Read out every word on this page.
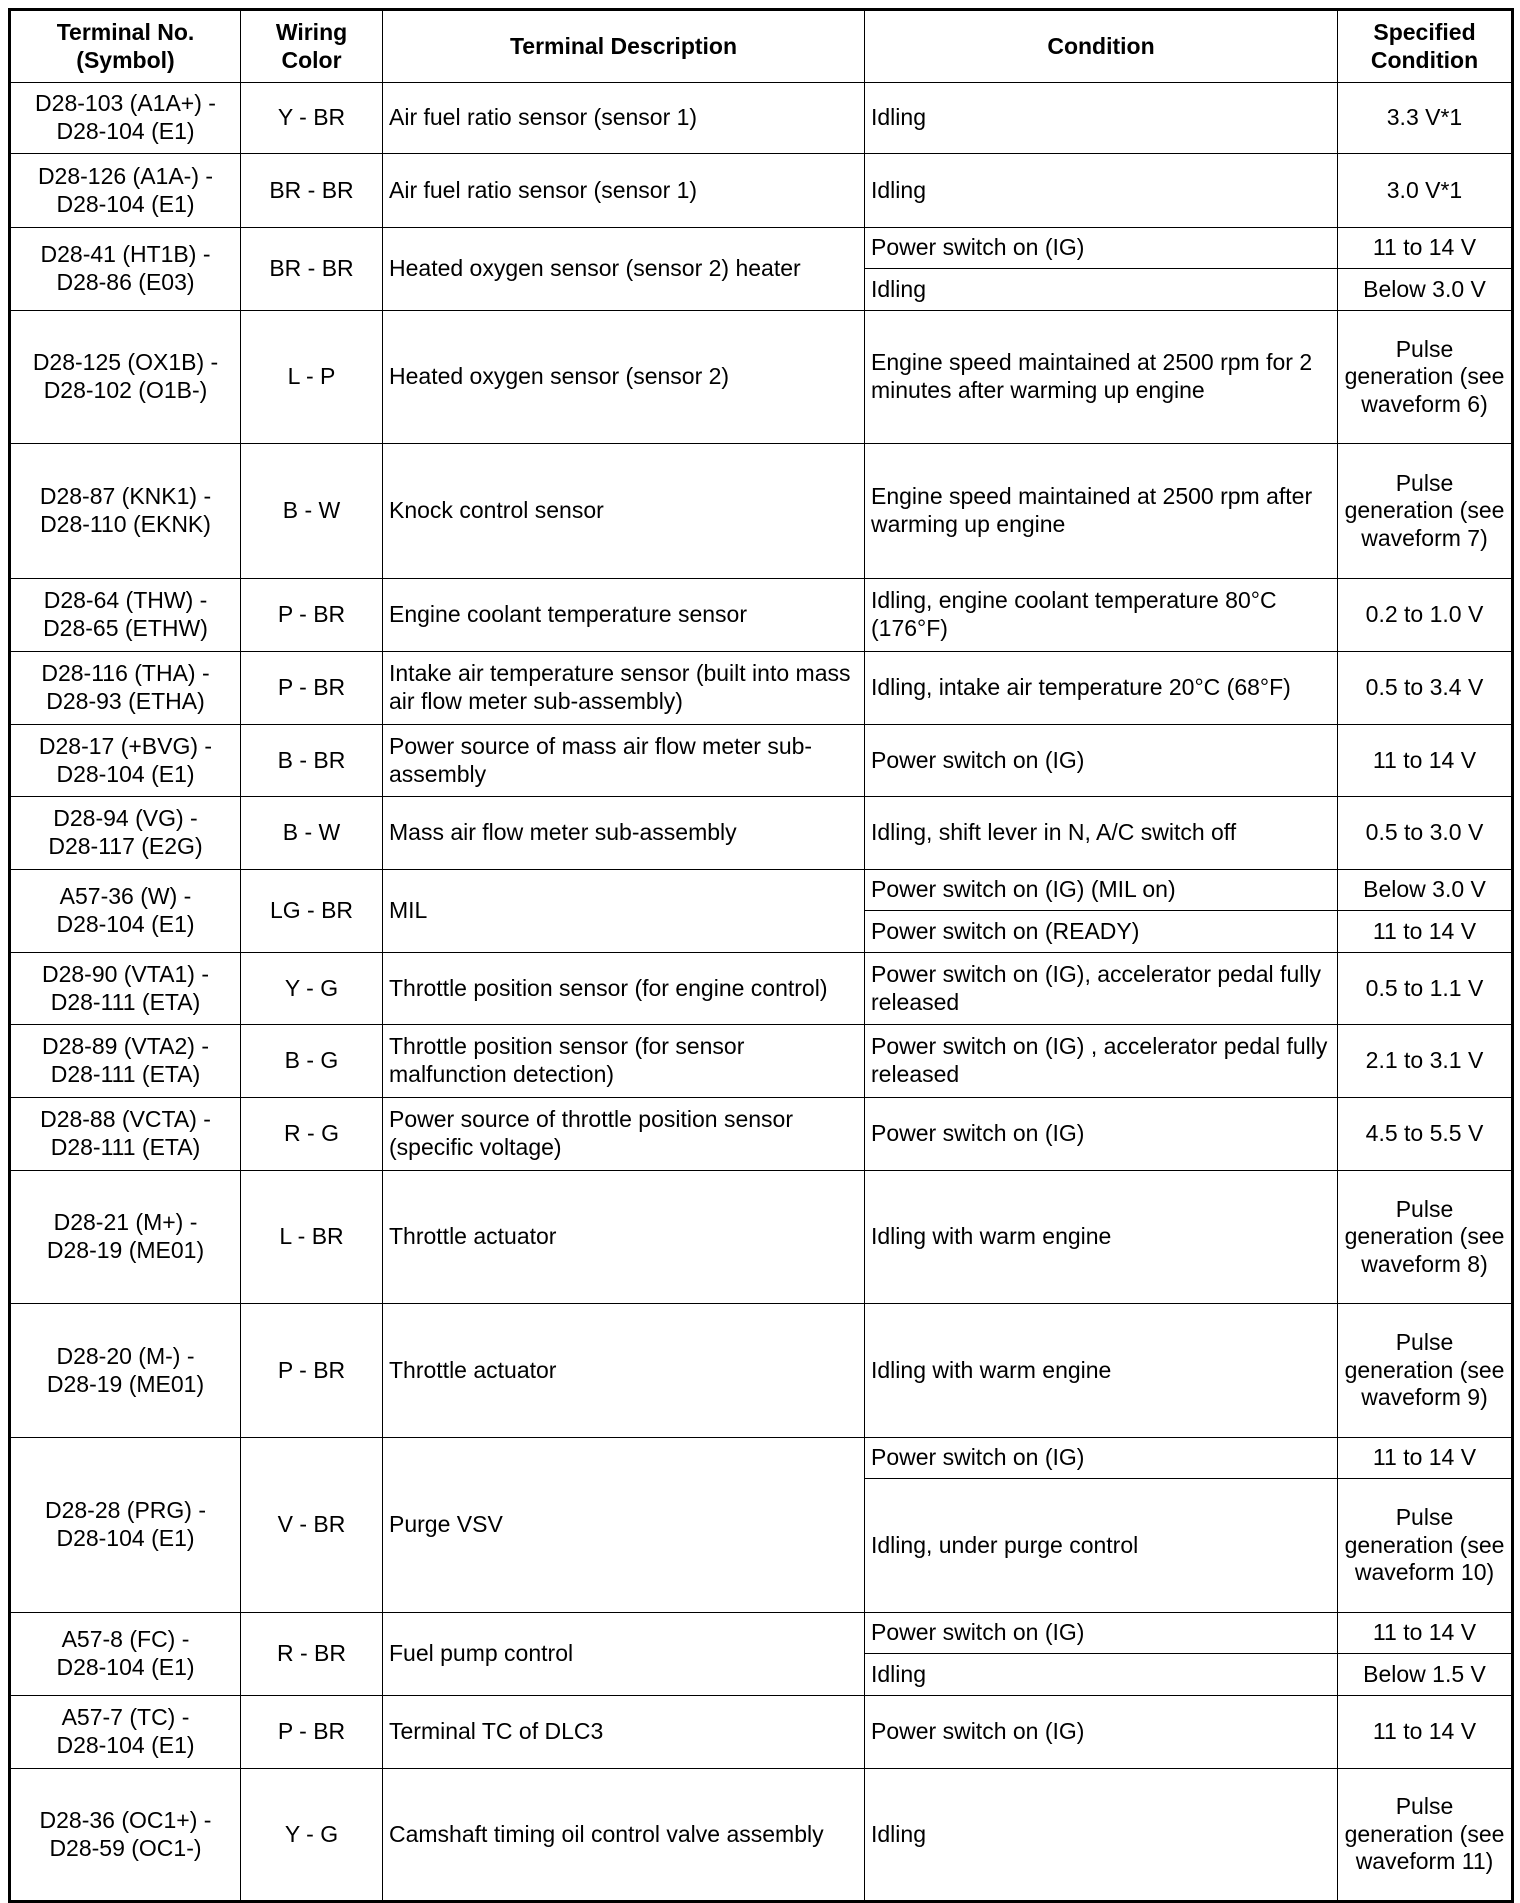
Terminal No.
(Symbol)	Wiring
Color	Terminal Description	Condition	Specified
Condition

D28-103 (A1A+) -
D28-104 (E1)	Y - BR	Air fuel ratio sensor (sensor 1)	Idling	3.3 V*1

D28-126 (A1A-) -
D28-104 (E1)	BR - BR	Air fuel ratio sensor (sensor 1)	Idling	3.0 V*1

D28-41 (HT1B) -
D28-86 (E03)	BR - BR	Heated oxygen sensor (sensor 2) heater	Power switch on (IG)	11 to 14 V
			Idling	Below 3.0 V

D28-125 (OX1B) -
D28-102 (O1B-)	L - P	Heated oxygen sensor (sensor 2)	Engine speed maintained at 2500 rpm for 2 minutes after warming up engine	Pulse generation (see waveform 6)

D28-87 (KNK1) -
D28-110 (EKNK)	B - W	Knock control sensor	Engine speed maintained at 2500 rpm after warming up engine	Pulse generation (see waveform 7)

D28-64 (THW) -
D28-65 (ETHW)	P - BR	Engine coolant temperature sensor	Idling, engine coolant temperature 80°C (176°F)	0.2 to 1.0 V

D28-116 (THA) -
D28-93 (ETHA)	P - BR	Intake air temperature sensor (built into mass air flow meter sub-assembly)	Idling, intake air temperature 20°C (68°F)	0.5 to 3.4 V

D28-17 (+BVG) -
D28-104 (E1)	B - BR	Power source of mass air flow meter sub-assembly	Power switch on (IG)	11 to 14 V

D28-94 (VG) -
D28-117 (E2G)	B - W	Mass air flow meter sub-assembly	Idling, shift lever in N, A/C switch off	0.5 to 3.0 V

A57-36 (W) -
D28-104 (E1)	LG - BR	MIL	Power switch on (IG) (MIL on)	Below 3.0 V
			Power switch on (READY)	11 to 14 V

D28-90 (VTA1) -
D28-111 (ETA)	Y - G	Throttle position sensor (for engine control)	Power switch on (IG), accelerator pedal fully released	0.5 to 1.1 V

D28-89 (VTA2) -
D28-111 (ETA)	B - G	Throttle position sensor (for sensor malfunction detection)	Power switch on (IG) , accelerator pedal fully released	2.1 to 3.1 V

D28-88 (VCTA) -
D28-111 (ETA)	R - G	Power source of throttle position sensor (specific voltage)	Power switch on (IG)	4.5 to 5.5 V

D28-21 (M+) -
D28-19 (ME01)	L - BR	Throttle actuator	Idling with warm engine	Pulse generation (see waveform 8)

D28-20 (M-) -
D28-19 (ME01)	P - BR	Throttle actuator	Idling with warm engine	Pulse generation (see waveform 9)

D28-28 (PRG) -
D28-104 (E1)	V - BR	Purge VSV	Power switch on (IG)	11 to 14 V
			Idling, under purge control	Pulse generation (see waveform 10)

A57-8 (FC) -
D28-104 (E1)	R - BR	Fuel pump control	Power switch on (IG)	11 to 14 V
			Idling	Below 1.5 V

A57-7 (TC) -
D28-104 (E1)	P - BR	Terminal TC of DLC3	Power switch on (IG)	11 to 14 V

D28-36 (OC1+) -
D28-59 (OC1-)	Y - G	Camshaft timing oil control valve assembly	Idling	Pulse generation (see waveform 11)
